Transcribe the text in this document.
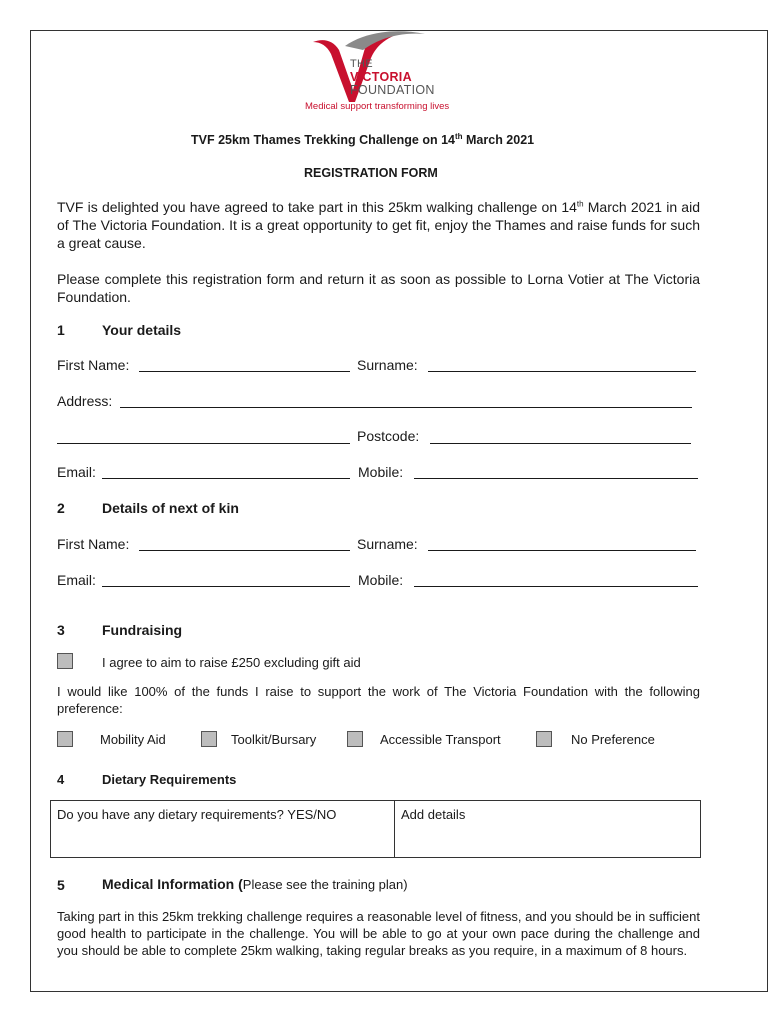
THE
VICTORIA
FOUNDATION
Medical support transforming lives
TVF 25km Thames Trekking Challenge on 14th March 2021
REGISTRATION FORM
TVF is delighted you have agreed to take part in this 25km walking challenge on 14th March 2021 in aid of The Victoria Foundation. It is a great opportunity to get fit, enjoy the Thames and raise funds for such a great cause.
Please complete this registration form and return it as soon as possible to Lorna Votier at The Victoria Foundation.
1	Your details
First Name:	Surname:
Address:
Postcode:
Email:	Mobile:
2	Details of next of kin
First Name:	Surname:
Email:	Mobile:
3	Fundraising
I agree to aim to raise £250 excluding gift aid
I would like 100% of the funds I raise to support the work of The Victoria Foundation with the following preference:
Mobility Aid	Toolkit/Bursary	Accessible Transport	No Preference
4	Dietary Requirements
Do you have any dietary requirements? YES/NO	Add details
5	Medical Information (Please see the training plan)
Taking part in this 25km trekking challenge requires a reasonable level of fitness, and you should be in sufficient good health to participate in the challenge. You will be able to go at your own pace during the challenge and you should be able to complete 25km walking, taking regular breaks as you require, in a maximum of 8 hours.
